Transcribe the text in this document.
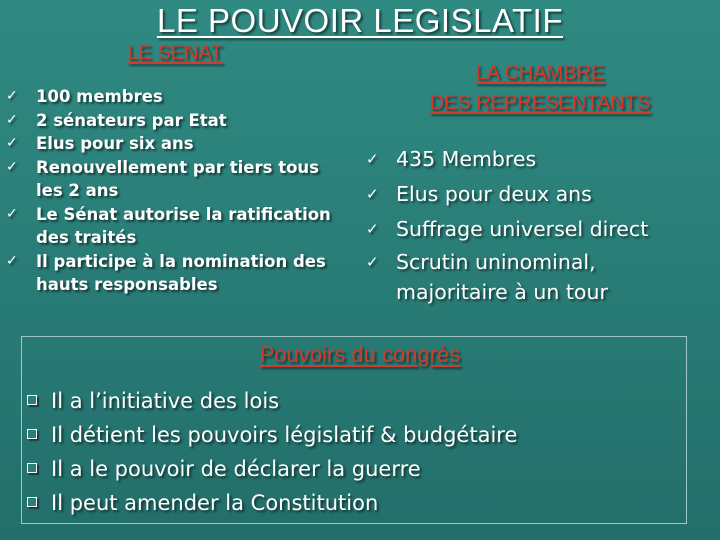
LE POUVOIR LEGISLATIF
LE SENAT
✓ 100 membres
✓ 2 sénateurs par Etat
✓ Elus pour six ans
✓ Renouvellement par tiers tous les 2 ans
✓ Le Sénat autorise la ratification des traités
✓ Il participe à la nomination des hauts responsables
LA CHAMBRE
DES REPRESENTANTS
✓ 435 Membres
✓ Elus pour deux ans
✓ Suffrage universel direct
✓ Scrutin uninominal, majoritaire à un tour
Pouvoirs du congrès
Il a l’initiative des lois
Il détient les pouvoirs législatif & budgétaire
Il a le pouvoir de déclarer la guerre
Il peut amender la Constitution
